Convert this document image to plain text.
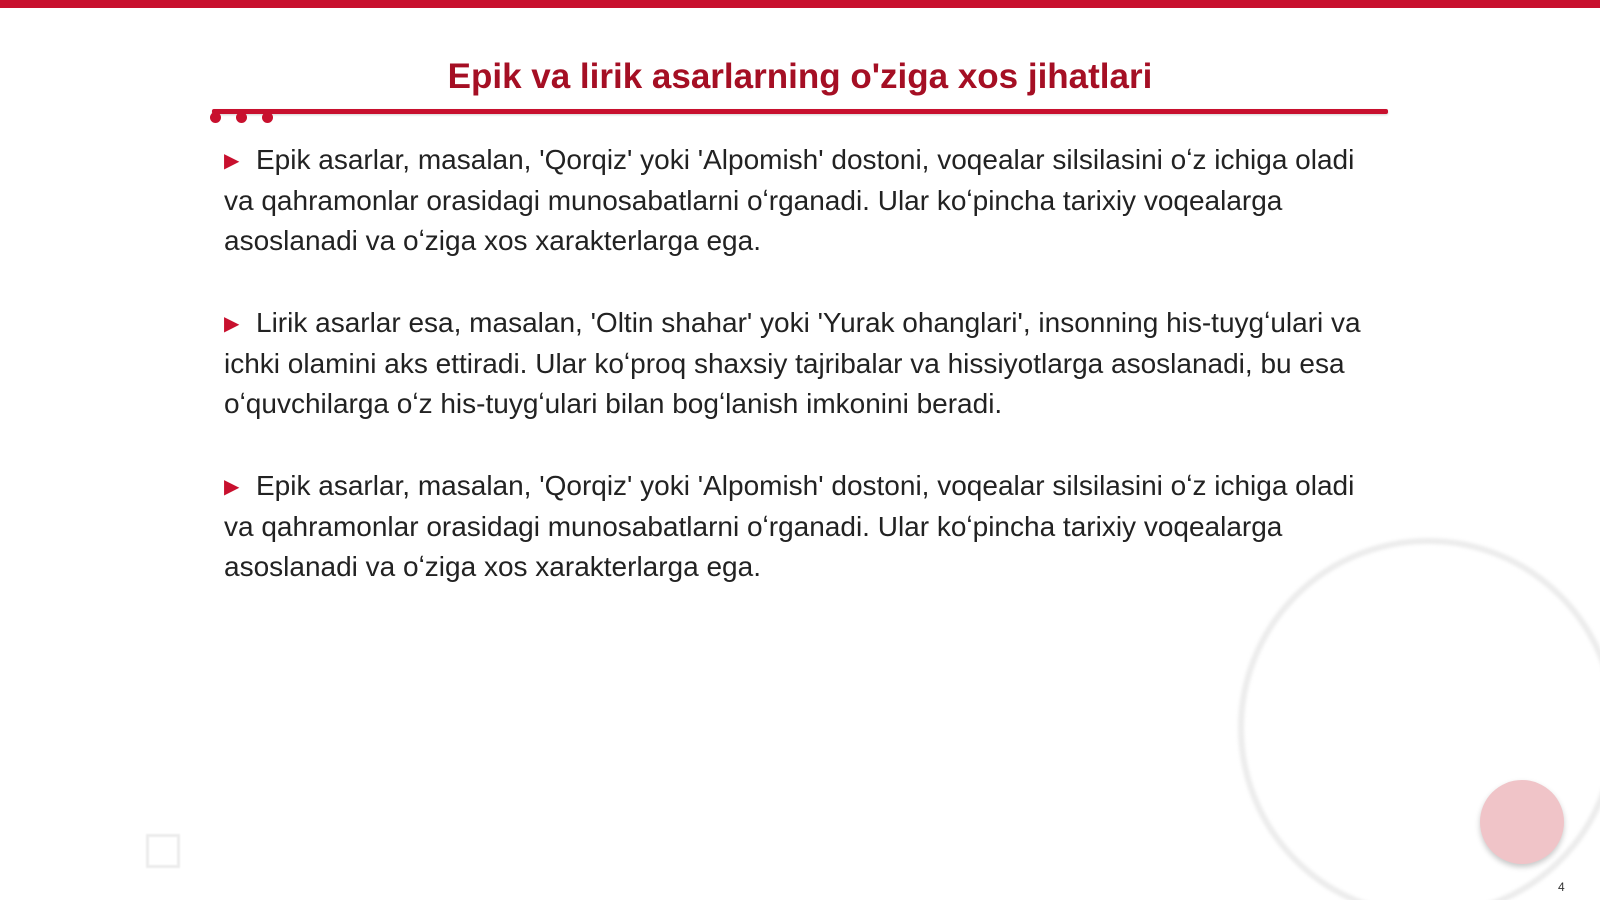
Epik va lirik asarlarning o'ziga xos jihatlari
▶ Epik asarlar, masalan, 'Qorqiz' yoki 'Alpomish' dostoni, voqealar silsilasini oʻz ichiga oladi va qahramonlar orasidagi munosabatlarni oʻrganadi. Ular koʻpincha tarixiy voqealarga asoslanadi va oʻziga xos xarakterlarga ega.
▶ Lirik asarlar esa, masalan, 'Oltin shahar' yoki 'Yurak ohanglari', insonning his-tuygʻulari va ichki olamini aks ettiradi. Ular koʻproq shaxsiy tajribalar va hissiyotlarga asoslanadi, bu esa oʻquvchilarga oʻz his-tuygʻulari bilan bogʻlanish imkonini beradi.
▶ Epik asarlar, masalan, 'Qorqiz' yoki 'Alpomish' dostoni, voqealar silsilasini oʻz ichiga oladi va qahramonlar orasidagi munosabatlarni oʻrganadi. Ular koʻpincha tarixiy voqealarga asoslanadi va oʻziga xos xarakterlarga ega.
4
